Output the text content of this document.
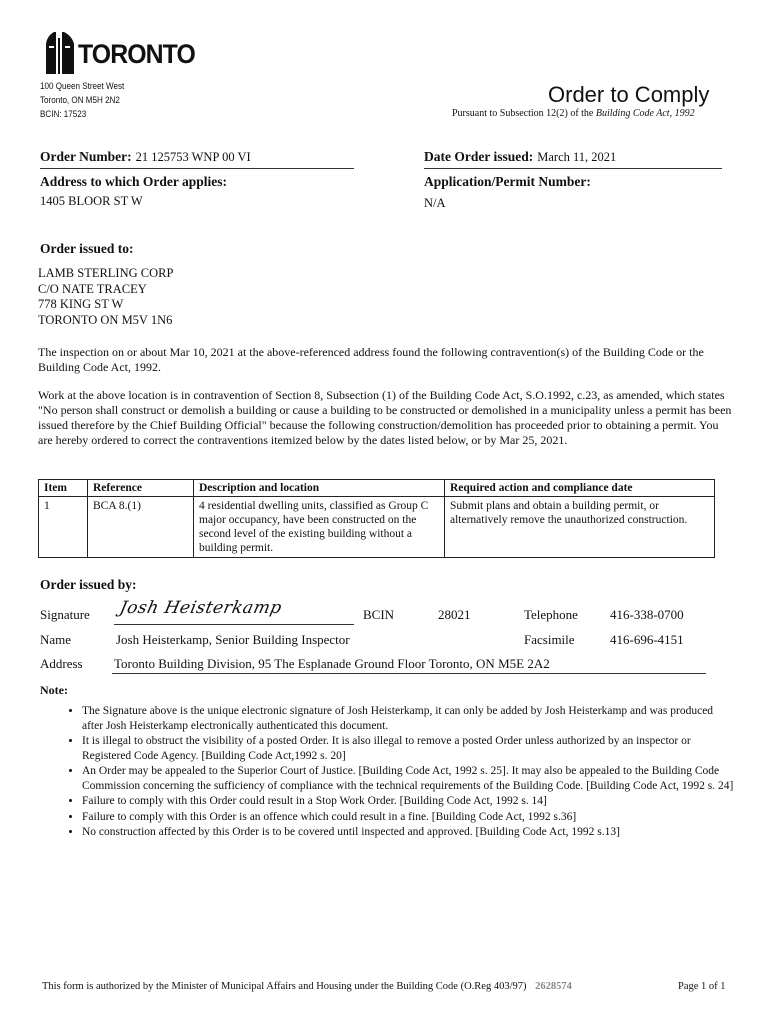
TORONTO
100 Queen Street West
Toronto, ON M5H 2N2
BCIN: 17523
Order to Comply
Pursuant to Subsection 12(2) of the Building Code Act, 1992
Order Number: 21 125753 WNP 00 VI	Date Order issued: March 11, 2021
Address to which Order applies:
1405 BLOOR ST W
Application/Permit Number:
N/A
Order issued to:
LAMB STERLING CORP
C/O NATE TRACEY
778 KING ST W
TORONTO ON M5V 1N6
The inspection on or about Mar 10, 2021 at the above-referenced address found the following contravention(s) of the Building Code or the Building Code Act, 1992.
Work at the above location is in contravention of Section 8, Subsection (1) of the Building Code Act, S.O.1992, c.23, as amended, which states "No person shall construct or demolish a building or cause a building to be constructed or demolished in a municipality unless a permit has been issued therefore by the Chief Building Official" because the following construction/demolition has proceeded prior to obtaining a permit. You are hereby ordered to correct the contraventions itemized below by the dates listed below, or by Mar 25, 2021.
Item	Reference	Description and location	Required action and compliance date
1	BCA 8.(1)	4 residential dwelling units, classified as Group C major occupancy, have been constructed on the second level of the existing building without a building permit.	Submit plans and obtain a building permit, or alternatively remove the unauthorized construction.
Order issued by:
Signature Josh Heisterkamp	BCIN	28021	Telephone 416-338-0700
Name	Josh Heisterkamp, Senior Building Inspector	Facsimile	416-696-4151
Address Toronto Building Division, 95 The Esplanade Ground Floor Toronto, ON M5E 2A2
Note:
• The Signature above is the unique electronic signature of Josh Heisterkamp, it can only be added by Josh Heisterkamp and was produced after Josh Heisterkamp electronically authenticated this document.
• It is illegal to obstruct the visibility of a posted Order. It is also illegal to remove a posted Order unless authorized by an inspector or Registered Code Agency. [Building Code Act,1992 s. 20]
• An Order may be appealed to the Superior Court of Justice. [Building Code Act, 1992 s. 25]. It may also be appealed to the Building Code Commission concerning the sufficiency of compliance with the technical requirements of the Building Code. [Building Code Act, 1992 s. 24]
• Failure to comply with this Order could result in a Stop Work Order. [Building Code Act, 1992 s. 14]
• Failure to comply with this Order is an offence which could result in a fine. [Building Code Act, 1992 s.36]
• No construction affected by this Order is to be covered until inspected and approved. [Building Code Act, 1992 s.13]
This form is authorized by the Minister of Municipal Affairs and Housing under the Building Code (O.Reg 403/97) 2628574	Page 1 of 1
